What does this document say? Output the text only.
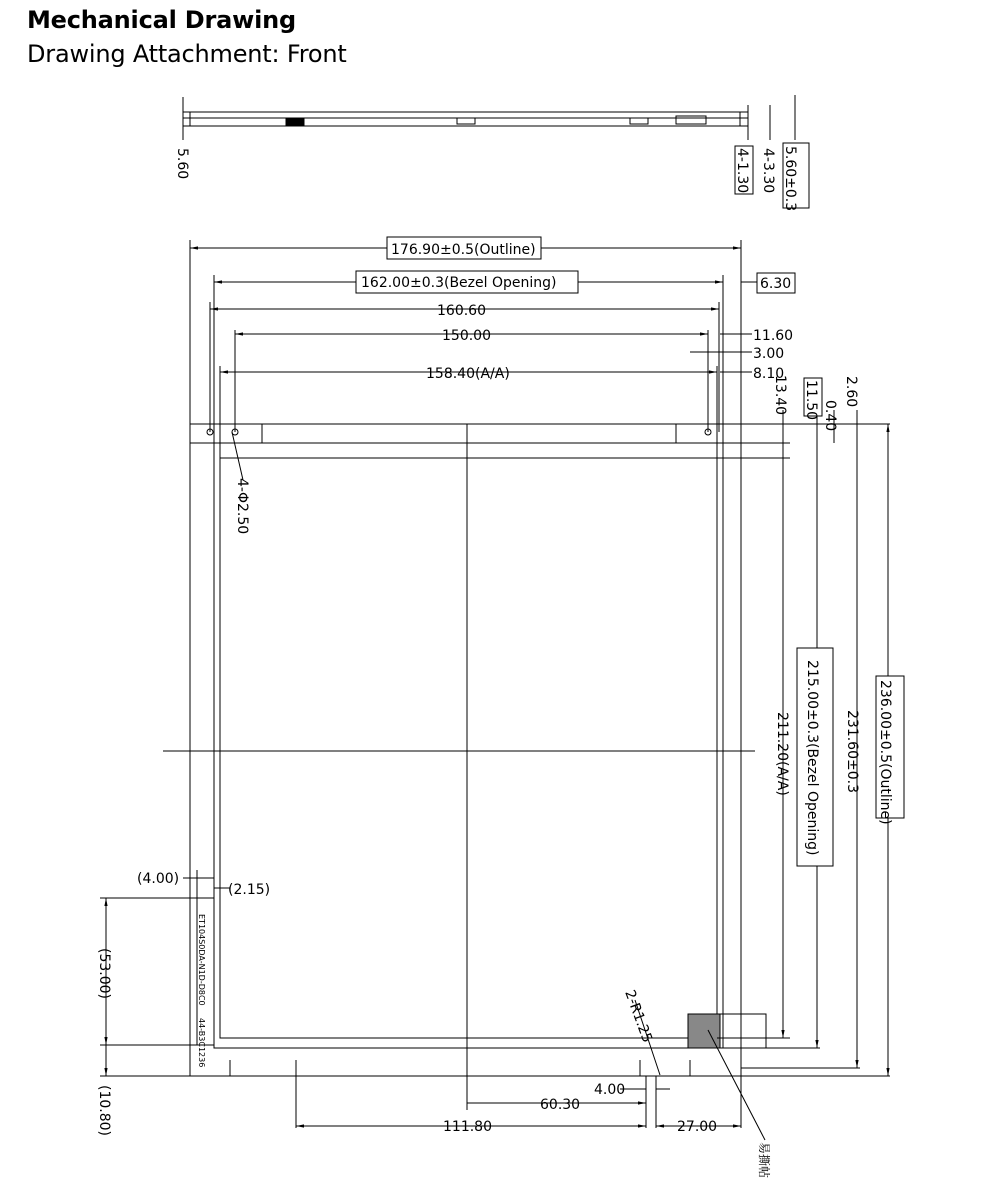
Mechanical Drawing
Drawing Attachment: Front
5.60	4-1.30 4-3.30 5.60±0.3
176.90±0.5(Outline)
162.00±0.3(Bezel Opening)
160.60
150.00
158.40(A/A)
6.30
11.60
3.00
8.10
13.40 11.50 0.40
2.60
211.20(A/A) 215.00±0.3(Bezel Opening) 231.60±0.3 236.00±0.5(Outline)
(4.00)
(2.15)
(53.00)
(10.80)
4-Φ2.50
ET104S0DA-N1D-D8C0
44-B3C1236
60.30
4.00
111.80	27.00
2-R1.25
易撕帖
